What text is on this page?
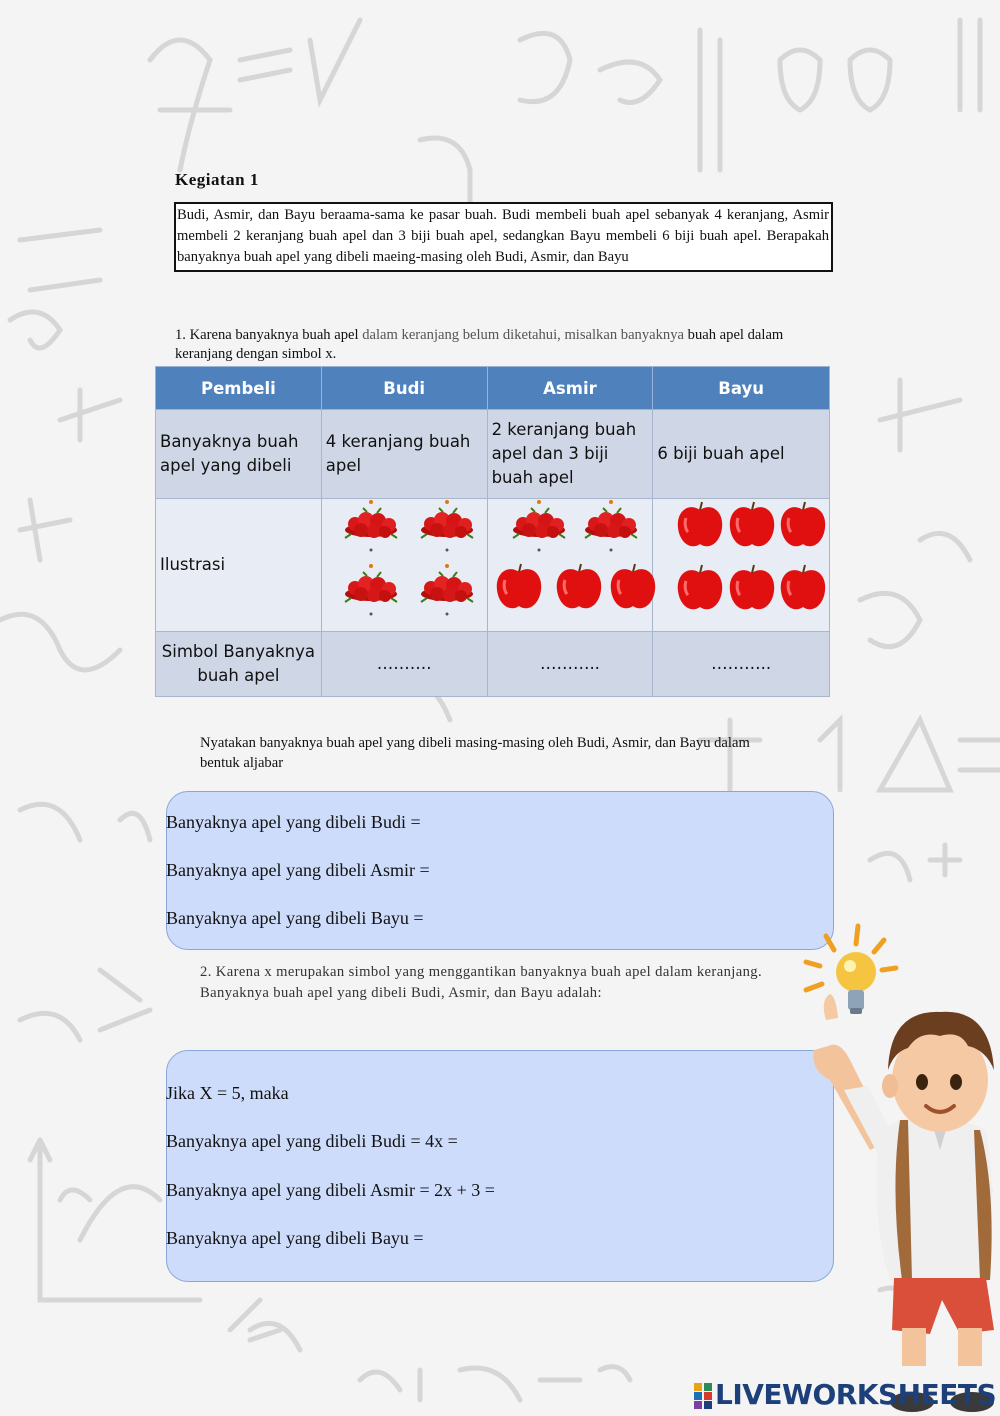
Kegiatan 1
Budi, Asmir, dan Bayu beraama-sama ke pasar buah. Budi membeli buah apel sebanyak 4 keranjang, Asmir membeli 2 keranjang buah apel dan 3 biji buah apel, sedangkan Bayu membeli 6 biji buah apel. Berapakah banyaknya buah apel yang dibeli maeing-masing oleh Budi, Asmir, dan Bayu
1. Karena banyaknya buah apel dalam keranjang belum diketahui, misalkan banyaknya buah apel dalam keranjang dengan simbol x.
Pembeli	Budi	Asmir	Bayu
Banyaknya buah apel yang dibeli	4 keranjang buah apel	2 keranjang buah apel dan 3 biji buah apel	6 biji buah apel
Ilustrasi			
Simbol Banyaknya buah apel	……….	………..	………..
Nyatakan banyaknya buah apel yang dibeli masing-masing oleh Budi, Asmir, dan Bayu dalam bentuk aljabar
Banyaknya apel yang dibeli Budi =
Banyaknya apel yang dibeli Asmir =
Banyaknya apel yang dibeli Bayu =
2. Karena x merupakan simbol yang menggantikan banyaknya buah apel dalam keranjang. Banyaknya buah apel yang dibeli Budi, Asmir, dan Bayu adalah:
Jika X = 5, maka
Banyaknya apel yang dibeli Budi = 4x =
Banyaknya apel yang dibeli Asmir = 2x + 3 =
Banyaknya apel yang dibeli Bayu =
LIVEWORKSHEETS
